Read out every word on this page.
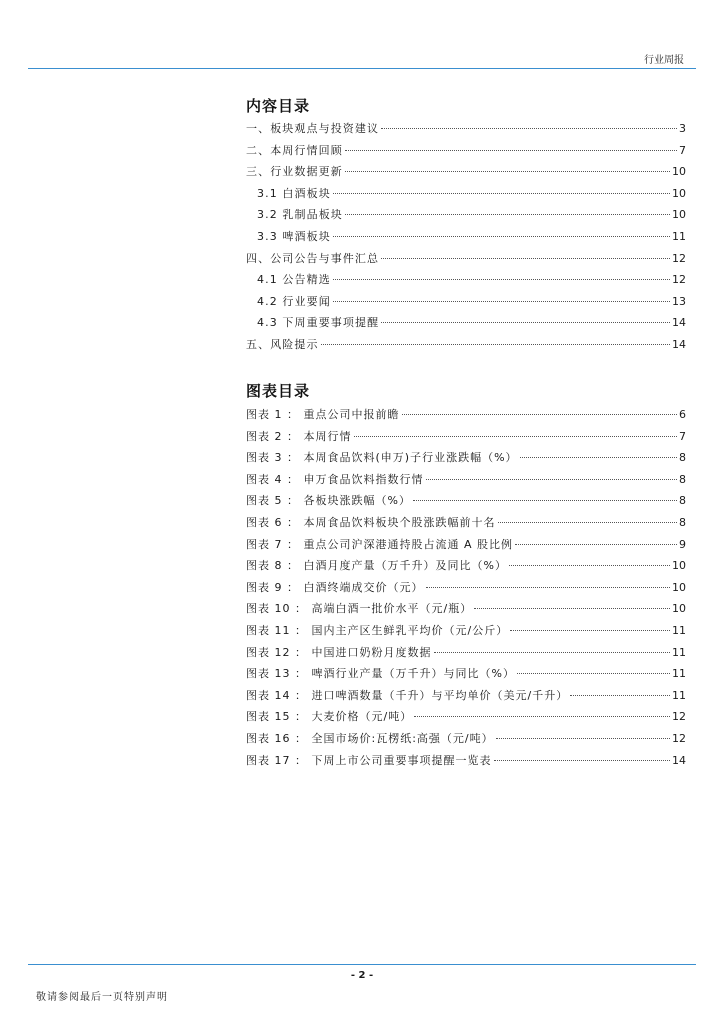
行业周报
内容目录
一、板块观点与投资建议	3
二、本周行情回顾	7
三、行业数据更新	10
3.1 白酒板块	10
3.2 乳制品板块	10
3.3 啤酒板块	11
四、公司公告与事件汇总	12
4.1 公告精选	12
4.2 行业要闻	13
4.3 下周重要事项提醒	14
五、风险提示	14
图表目录
图表 1 ： 重点公司中报前瞻	6
图表 2 ： 本周行情	7
图表 3 ： 本周食品饮料(申万)子行业涨跌幅（%）	8
图表 4 ： 申万食品饮料指数行情	8
图表 5 ： 各板块涨跌幅（%）	8
图表 6 ： 本周食品饮料板块个股涨跌幅前十名	8
图表 7 ： 重点公司沪深港通持股占流通 A 股比例	9
图表 8 ： 白酒月度产量（万千升）及同比（%）	10
图表 9 ： 白酒终端成交价（元）	10
图表 10 ： 高端白酒一批价水平（元/瓶）	10
图表 11 ： 国内主产区生鲜乳平均价（元/公斤）	11
图表 12 ： 中国进口奶粉月度数据	11
图表 13 ： 啤酒行业产量（万千升）与同比（%）	11
图表 14 ： 进口啤酒数量（千升）与平均单价（美元/千升）	11
图表 15 ： 大麦价格（元/吨）	12
图表 16 ： 全国市场价:瓦楞纸:高强（元/吨）	12
图表 17 ： 下周上市公司重要事项提醒一览表	14
- 2 -
敬请参阅最后一页特别声明
